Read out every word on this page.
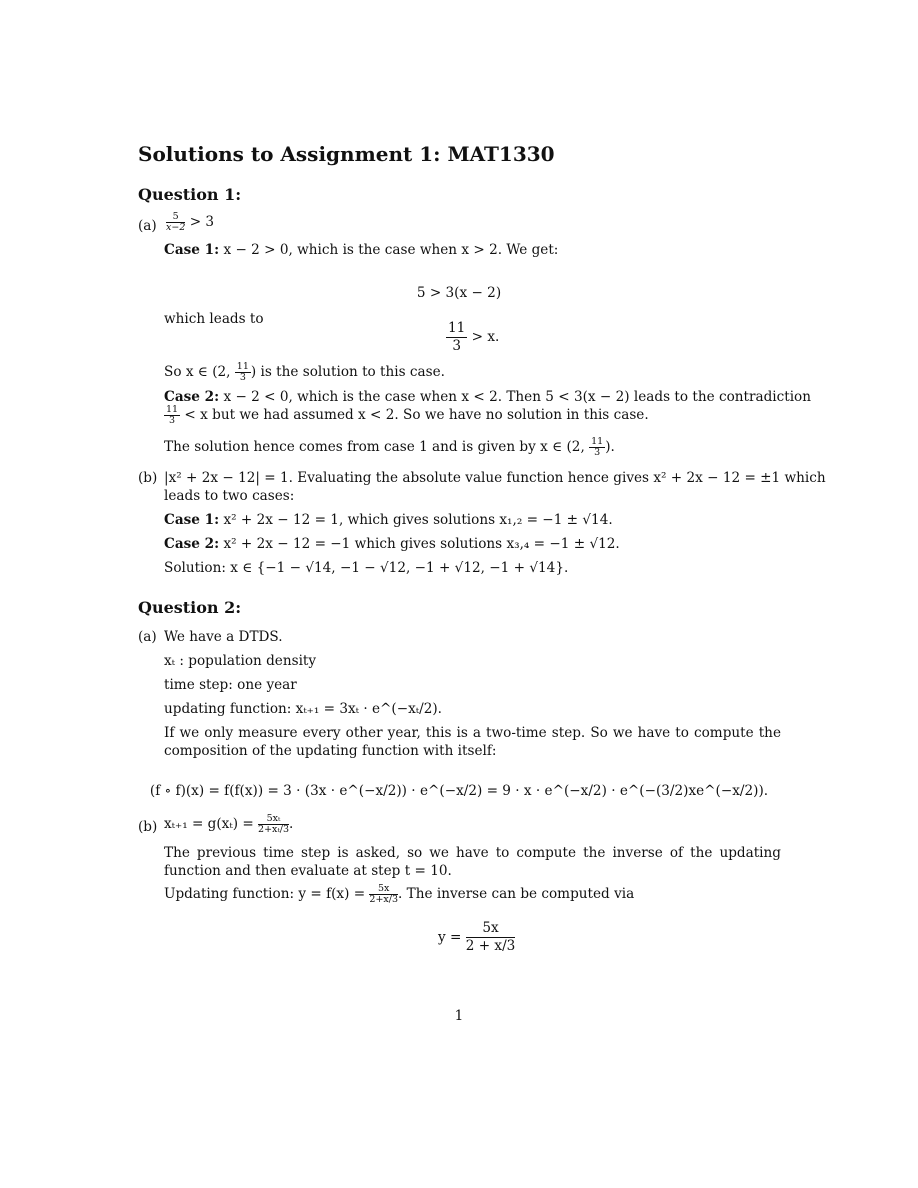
Solutions to Assignment 1: MAT1330
Question 1:
$(a) \frac{5}{x-2} > 3$
Case 1: x − 2 > 0, which is the case when x > 2. We get:
5 > 3(x − 2)
which leads to
$\frac{11}{3} > x$.
So x ∈ (2, $\frac{11}{3}$ ) is the solution to this case.
Case 2: x − 2 < 0, which is the case when x < 2. Then 5 < 3(x − 2) leads to the contradiction
$\frac{11}{3} < x$ but we had assumed x < 2. So we have no solution in this case.
The solution hence comes from case 1 and is given by x ∈ (2, $\frac{11}{3}$ ).
(b) |x² + 2x − 12| = 1. Evaluating the absolute value function hence gives x² + 2x − 12 = ±1 which
leads to two cases:
Case 1: x² + 2x − 12 = 1, which gives solutions x₁,₂ = −1 ± √14.
Case 2: x² + 2x − 12 = −1 which gives solutions x₃,₄ = −1 ± √12.
Solution: x ∈ {−1 − √14, −1 − √12, −1 + √12, −1 + √14}.
Question 2:
(a) We have a DTDS.
xₜ : population density
time step: one year
updating function: xₜ₊₁ = 3xₜ · e^(−xₜ/2).
If we only measure every other year, this is a two-time step. So we have to compute the composition of the updating function with itself:
(f ∘ f)(x) = f(f(x)) = 3 · (3x · e^(−x/2)) · e^(−x/2) = 9 · x · e^(−x/2) · e^(−(3/2)xe^(−x/2)).
(b) $x_{t+1} = g(x_t) = \frac{\text{5xₜ}}{\text{2+xₜ/3}}$ .
The previous time step is asked, so we have to compute the inverse of the updating function and then evaluate at step t = 10.
Updating function: $y = f(x) = \frac{5x}{2+x/3}$ . The inverse can be computed via
$y = \frac{5x}{2 + x/3}$
1
